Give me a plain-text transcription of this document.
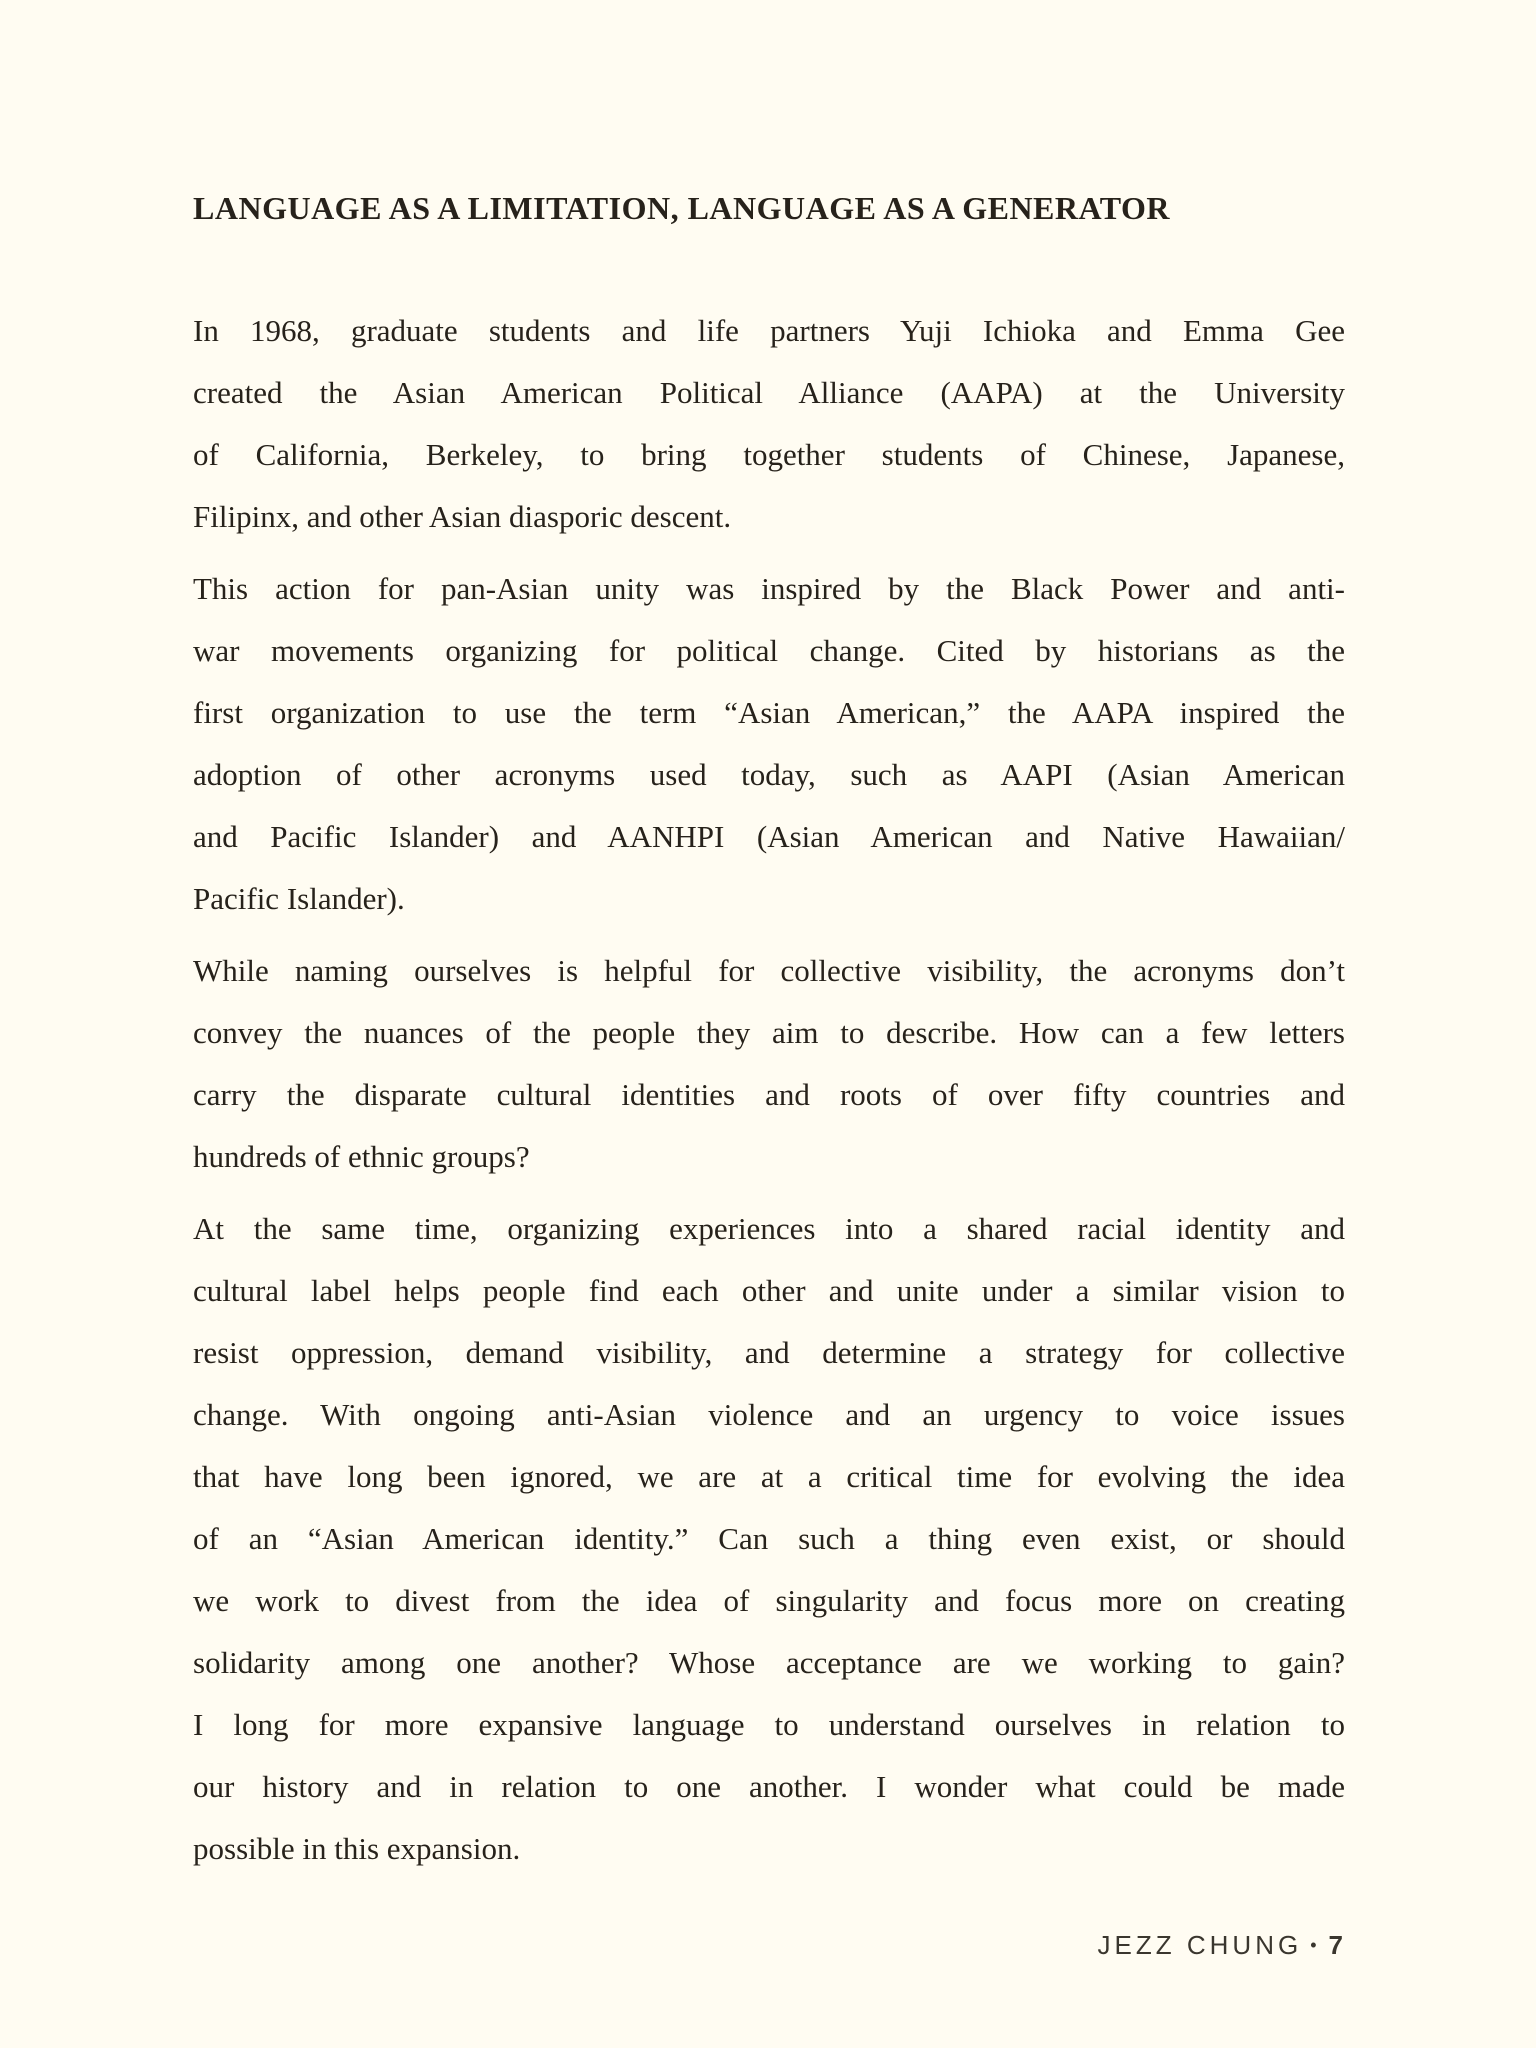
LANGUAGE AS A LIMITATION, LANGUAGE AS A GENERATOR
In 1968, graduate students and life partners Yuji Ichioka and Emma Gee
created the Asian American Political Alliance (AAPA) at the University
of California, Berkeley, to bring together students of Chinese, Japanese,
Filipinx, and other Asian diasporic descent.
This action for pan-Asian unity was inspired by the Black Power and anti-
war movements organizing for political change. Cited by historians as the
first organization to use the term “Asian American,” the AAPA inspired the
adoption of other acronyms used today, such as AAPI (Asian American
and Pacific Islander) and AANHPI (Asian American and Native Hawaiian/
Pacific Islander).
While naming ourselves is helpful for collective visibility, the acronyms don’t
convey the nuances of the people they aim to describe. How can a few letters
carry the disparate cultural identities and roots of over fifty countries and
hundreds of ethnic groups?
At the same time, organizing experiences into a shared racial identity and
cultural label helps people find each other and unite under a similar vision to
resist oppression, demand visibility, and determine a strategy for collective
change. With ongoing anti-Asian violence and an urgency to voice issues
that have long been ignored, we are at a critical time for evolving the idea
of an “Asian American identity.” Can such a thing even exist, or should
we work to divest from the idea of singularity and focus more on creating
solidarity among one another? Whose acceptance are we working to gain?
I long for more expansive language to understand ourselves in relation to
our history and in relation to one another. I wonder what could be made
possible in this expansion.
JEZZ CHUNG • 7
